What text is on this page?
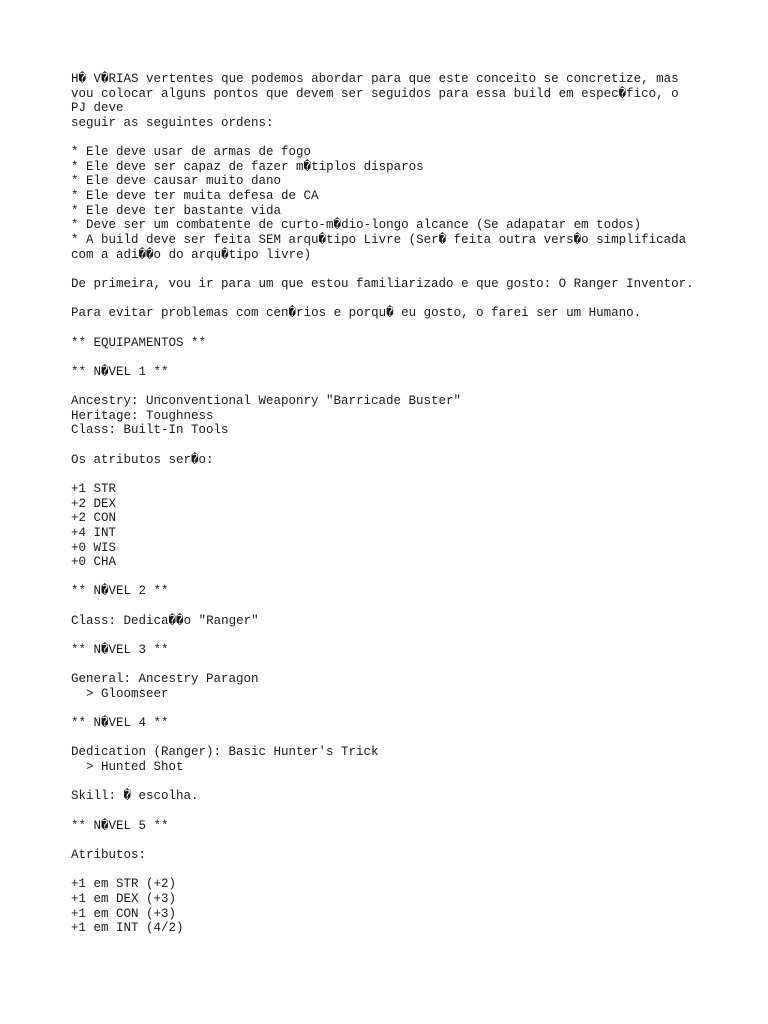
H� V�RIAS vertentes que podemos abordar para que este conceito se concretize, mas
vou colocar alguns pontos que devem ser seguidos para essa build em espec�fico, o
PJ deve
seguir as seguintes ordens:
* Ele deve usar de armas de fogo
* Ele deve ser capaz de fazer m�tiplos disparos
* Ele deve causar muito dano
* Ele deve ter muita defesa de CA
* Ele deve ter bastante vida
* Deve ser um combatente de curto-m�dio-longo alcance (Se adapatar em todos)
* A build deve ser feita SEM arqu�tipo Livre (Ser� feita outra vers�o simplificada
com a adi��o do arqu�tipo livre)
De primeira, vou ir para um que estou familiarizado e que gosto: O Ranger Inventor.
Para evitar problemas com cen�rios e porqu� eu gosto, o farei ser um Humano.
** EQUIPAMENTOS **
** N�VEL 1 **
Ancestry: Unconventional Weaponry "Barricade Buster"
Heritage: Toughness
Class: Built-In Tools
Os atributos ser�o:
+1 STR
+2 DEX
+2 CON
+4 INT
+0 WIS
+0 CHA
** N�VEL 2 **
Class: Dedica��o "Ranger"
** N�VEL 3 **
General: Ancestry Paragon
> Gloomseer
** N�VEL 4 **
Dedication (Ranger): Basic Hunter's Trick
> Hunted Shot
Skill: � escolha.
** N�VEL 5 **
Atributos:
+1 em STR (+2)
+1 em DEX (+3)
+1 em CON (+3)
+1 em INT (4/2)
